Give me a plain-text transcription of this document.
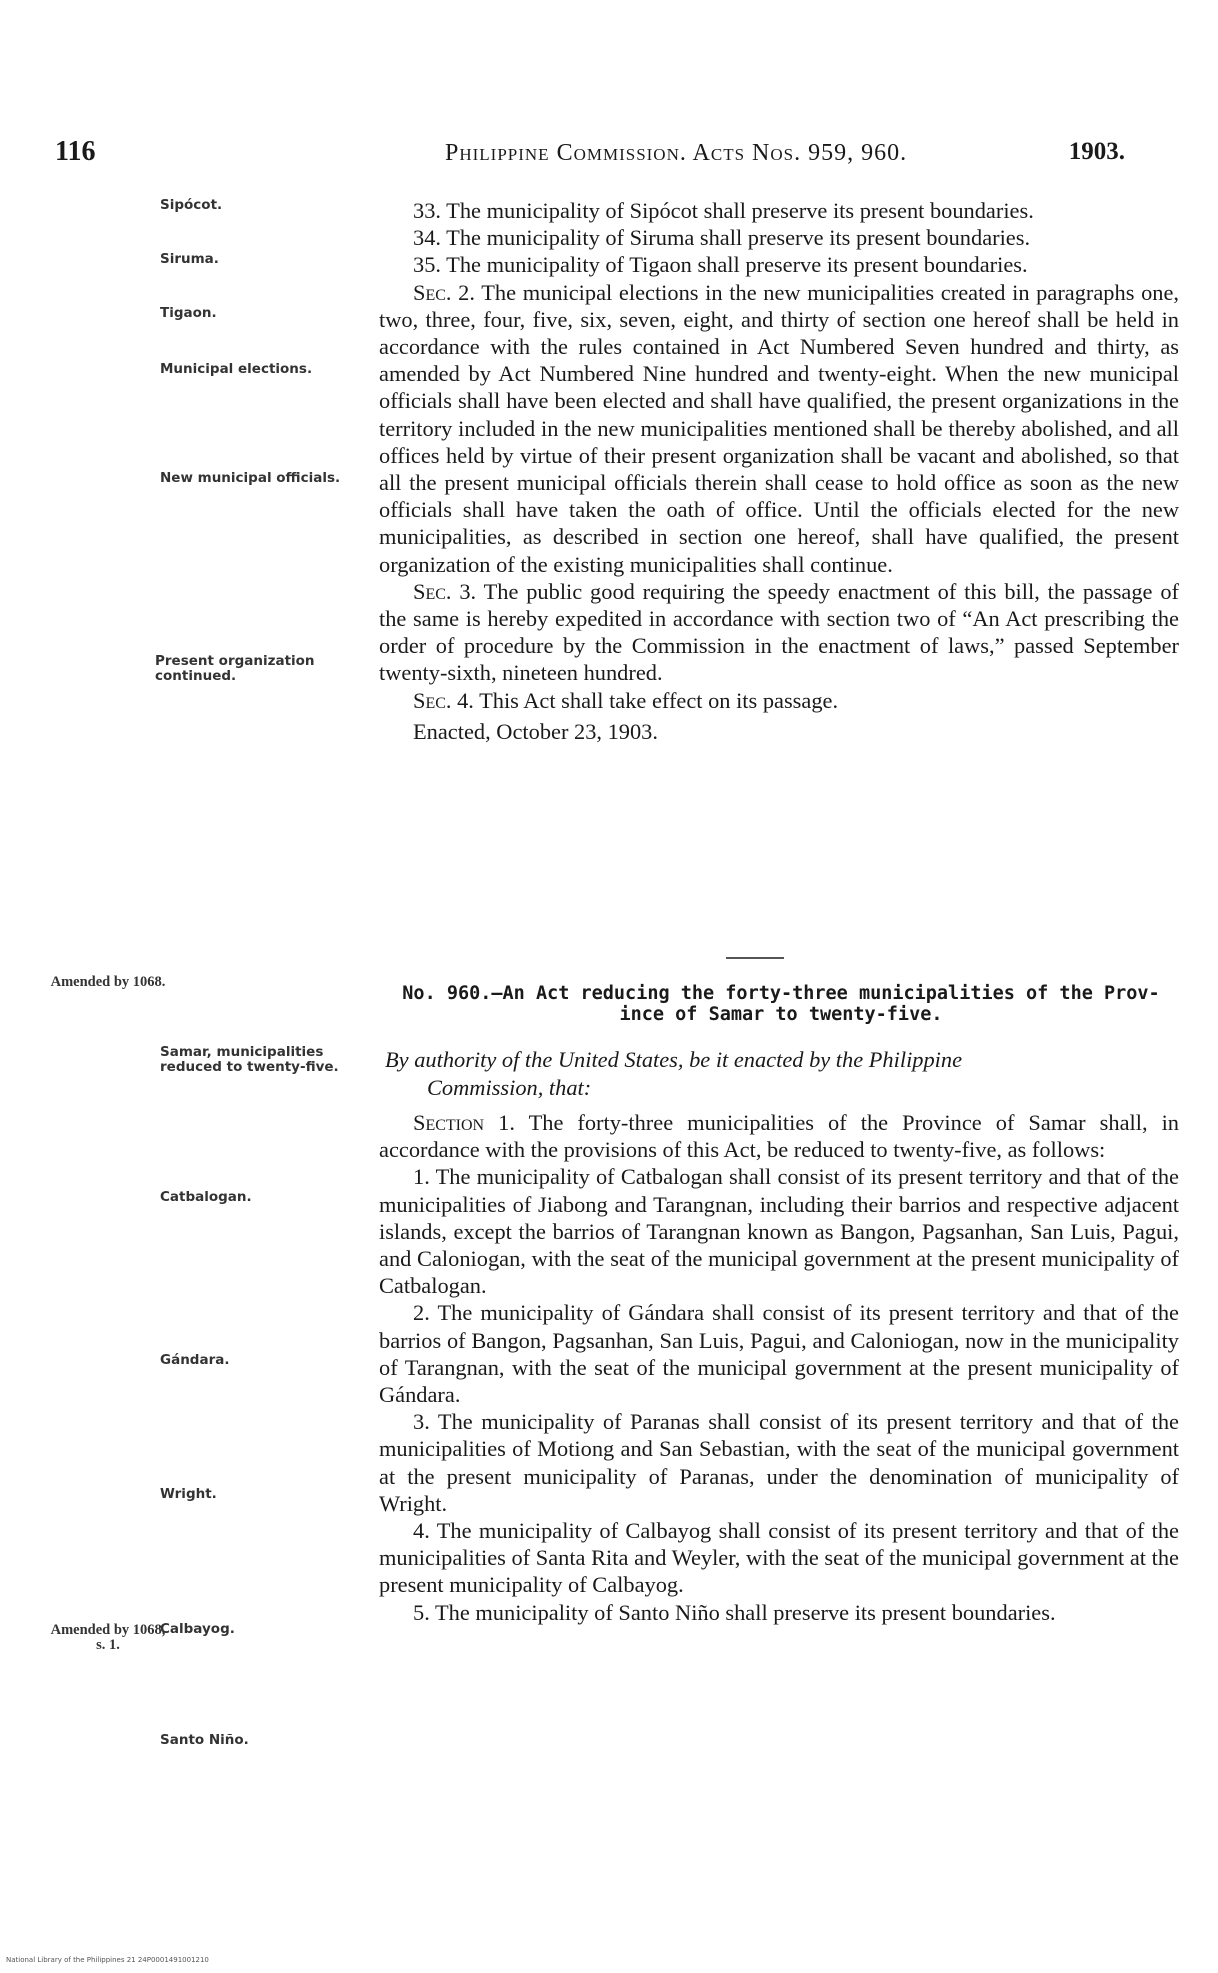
116	Philippine Commission. Acts Nos. 959, 960.	1903.
Sipócot.
Siruma.
Tigaon.
Municipal elections.
New municipal officials.
Present organization continued.
Amended by 1068.
Samar, municipalities reduced to twenty-five.
Catbalogan.
Gándara.
Wright.
Amended by 1068, s. 1.
Calbayog.
Santo Niño.

33. The municipality of Sipócot shall preserve its present boundaries.

34. The municipality of Siruma shall preserve its present boundaries.

35. The municipality of Tigaon shall preserve its present boundaries.

Sec. 2. The municipal elections in the new municipalities created in paragraphs one, two, three, four, five, six, seven, eight, and thirty of section one hereof shall be held in accordance with the rules contained in Act Numbered Seven hundred and thirty, as amended by Act Numbered Nine hundred and twenty-eight. When the new municipal officials shall have been elected and shall have qualified, the present organizations in the territory included in the new municipalities mentioned shall be thereby abolished, and all offices held by virtue of their present organization shall be vacant and abolished, so that all the present municipal officials therein shall cease to hold office as soon as the new officials shall have taken the oath of office. Until the officials elected for the new municipalities, as described in section one hereof, shall have qualified, the present organization of the existing municipalities shall continue.

Sec. 3. The public good requiring the speedy enactment of this bill, the passage of the same is hereby expedited in accordance with section two of “An Act prescribing the order of procedure by the Commission in the enactment of laws,” passed September twenty-sixth, nineteen hundred.

Sec. 4. This Act shall take effect on its passage.

Enacted, October 23, 1903.

No. 960.—An Act reducing the forty-three municipalities of the Prov-
ince of Samar to twenty-five.
By authority of the United States, be it enacted by the Philippine
Commission, that:

Section 1. The forty-three municipalities of the Province of Samar shall, in accordance with the provisions of this Act, be reduced to twenty-five, as follows:

1. The municipality of Catbalogan shall consist of its present territory and that of the municipalities of Jiabong and Tarangnan, including their barrios and respective adjacent islands, except the barrios of Tarangnan known as Bangon, Pagsanhan, San Luis, Pagui, and Caloniogan, with the seat of the municipal government at the present municipality of Catbalogan.

2. The municipality of Gándara shall consist of its present territory and that of the barrios of Bangon, Pagsanhan, San Luis, Pagui, and Caloniogan, now in the municipality of Tarangnan, with the seat of the municipal government at the present municipality of Gándara.

3. The municipality of Paranas shall consist of its present territory and that of the municipalities of Motiong and San Sebastian, with the seat of the municipal government at the present municipality of Paranas, under the denomination of municipality of Wright.

4. The municipality of Calbayog shall consist of its present territory and that of the municipalities of Santa Rita and Weyler, with the seat of the municipal government at the present municipality of Calbayog.

5. The municipality of Santo Niño shall preserve its present boundaries.

National Library of the Philippines 21 24P0001491001210
